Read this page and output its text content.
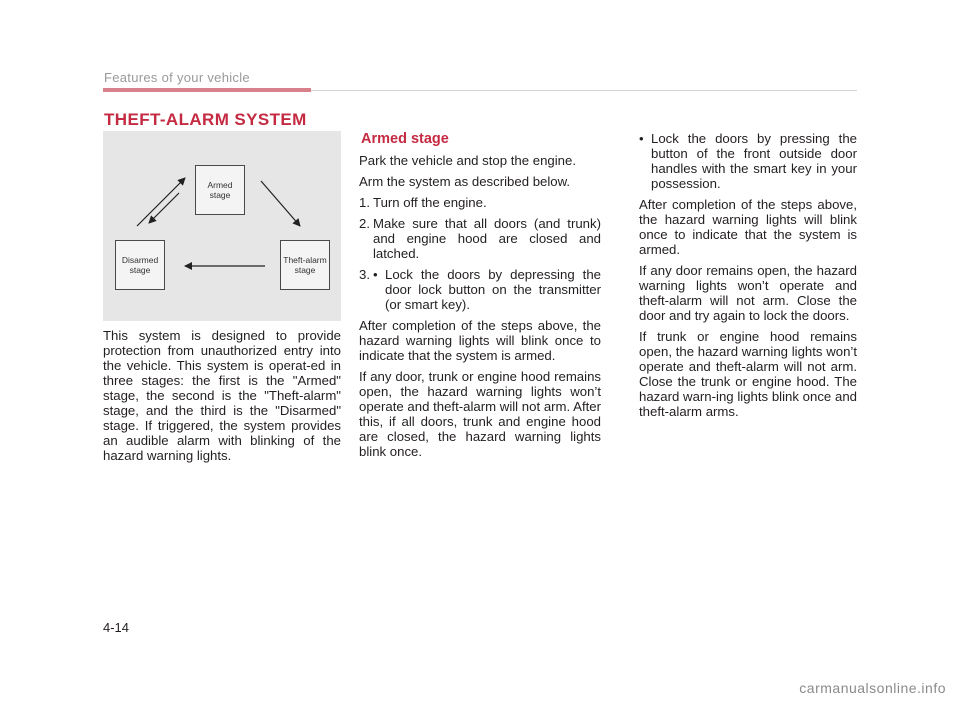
Features of your vehicle
THEFT-ALARM SYSTEM
Armed
stage
Disarmed
stage
Theft-alarm
stage

This system is designed to provide protection from unauthorized entry into the vehicle. This system is operat-ed in three stages: the first is the "Armed" stage, the second is the "Theft-alarm" stage, and the third is the "Disarmed" stage. If triggered, the system provides an audible alarm with blinking of the hazard warning lights.

Armed stage

Park the vehicle and stop the engine.

Arm the system as described below.

1. Turn off the engine.
2. Make sure that all doors (and trunk) and engine hood are closed and latched.
3. • Lock the doors by depressing the door lock button on the transmitter (or smart key).

After completion of the steps above, the hazard warning lights will blink once to indicate that the system is armed.

If any door, trunk or engine hood remains open, the hazard warning lights won’t operate and theft-alarm will not arm. After this, if all doors, trunk and engine hood are closed, the hazard warning lights blink once.

• Lock the doors by pressing the button of the front outside door handles with the smart key in your possession.

After completion of the steps above, the hazard warning lights will blink once to indicate that the system is armed.

If any door remains open, the hazard warning lights won’t operate and theft-alarm will not arm. Close the door and try again to lock the doors.

If trunk or engine hood remains open, the hazard warning lights won’t operate and theft-alarm will not arm. Close the trunk or engine hood. The hazard warn-ing lights blink once and theft-alarm arms.

4-14
carmanualsonline.info
